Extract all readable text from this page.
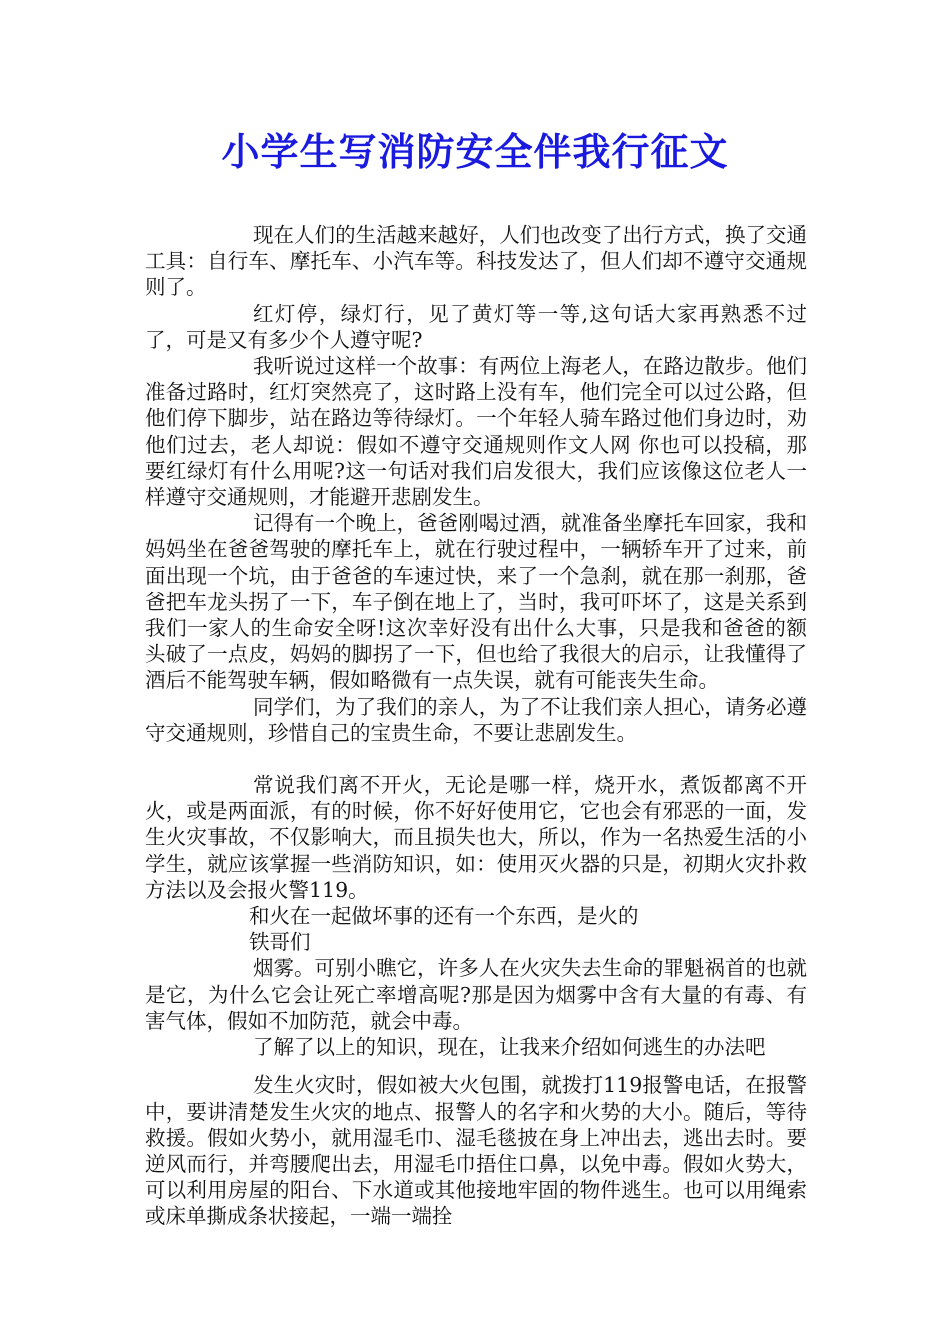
小学生写消防安全伴我行征文

现在人们的生活越来越好，人们也改变了出行方式，换了交通工具：自行车、摩托车、小汽车等。科技发达了，但人们却不遵守交通规则了。

红灯停，绿灯行，见了黄灯等一等,这句话大家再熟悉不过了，可是又有多少个人遵守呢?

我听说过这样一个故事：有两位上海老人，在路边散步。他们准备过路时，红灯突然亮了，这时路上没有车，他们完全可以过公路，但他们停下脚步，站在路边等待绿灯。一个年轻人骑车路过他们身边时，劝他们过去，老人却说：假如不遵守交通规则作文人网 你也可以投稿，那要红绿灯有什么用呢?这一句话对我们启发很大，我们应该像这位老人一样遵守交通规则，才能避开悲剧发生。

记得有一个晚上，爸爸刚喝过酒，就准备坐摩托车回家，我和妈妈坐在爸爸驾驶的摩托车上，就在行驶过程中，一辆轿车开了过来，前面出现一个坑，由于爸爸的车速过快，来了一个急刹，就在那一刹那，爸爸把车龙头拐了一下，车子倒在地上了，当时，我可吓坏了，这是关系到我们一家人的生命安全呀!这次幸好没有出什么大事，只是我和爸爸的额头破了一点皮，妈妈的脚拐了一下，但也给了我很大的启示，让我懂得了酒后不能驾驶车辆，假如略微有一点失误，就有可能丧失生命。

同学们，为了我们的亲人，为了不让我们亲人担心，请务必遵守交通规则，珍惜自己的宝贵生命，不要让悲剧发生。

常说我们离不开火，无论是哪一样，烧开水，煮饭都离不开火，或是两面派，有的时候，你不好好使用它，它也会有邪恶的一面，发生火灾事故，不仅影响大，而且损失也大，所以，作为一名热爱生活的小学生，就应该掌握一些消防知识，如：使用灭火器的只是，初期火灾扑救方法以及会报火警119。

和火在一起做坏事的还有一个东西，是火的

铁哥们

烟雾。可别小瞧它，许多人在火灾失去生命的罪魁祸首的也就是它，为什么它会让死亡率增高呢?那是因为烟雾中含有大量的有毒、有害气体，假如不加防范，就会中毒。

了解了以上的知识，现在，让我来介绍如何逃生的办法吧

发生火灾时，假如被大火包围，就拨打119报警电话，在报警中，要讲清楚发生火灾的地点、报警人的名字和火势的大小。随后，等待救援。假如火势小，就用湿毛巾、湿毛毯披在身上冲出去，逃出去时。要逆风而行，并弯腰爬出去，用湿毛巾捂住口鼻，以免中毒。假如火势大，可以利用房屋的阳台、下水道或其他接地牢固的物件逃生。也可以用绳索或床单撕成条状接起，一端一端拴
